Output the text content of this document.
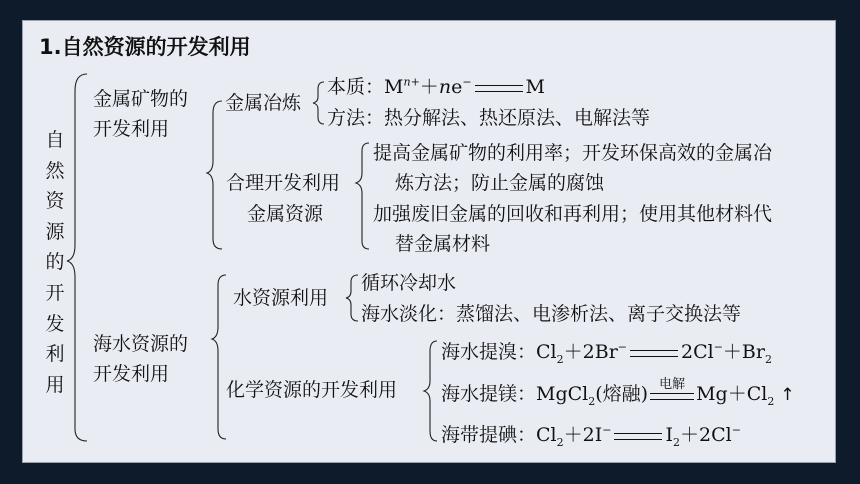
1.自然资源的开发利用
自
然
资
源
的
开
发
利
用
金属矿物的
开发利用
金属冶炼
本质：$M^{n+}+ne^-$	M
方法：热分解法、热还原法、电解法等
合理开发利用
金属资源
提高金属矿物的利用率；开发环保高效的金属冶
炼方法；防止金属的腐蚀
加强废旧金属的回收和再利用；使用其他材料代
替金属材料
海水资源的
开发利用
水资源利用
循环冷却水
海水淡化：蒸馏法、电渗析法、离子交换法等
化学资源的开发利用
海水提溴：$Cl_2+2Br^-$	$2Cl^-+Br_2$
海水提镁：MgCl$_2$(熔融) 电解 $Mg+Cl_2$ ↑
海带提碘：$Cl_2+2I^-$	$I_2+2Cl^-$
